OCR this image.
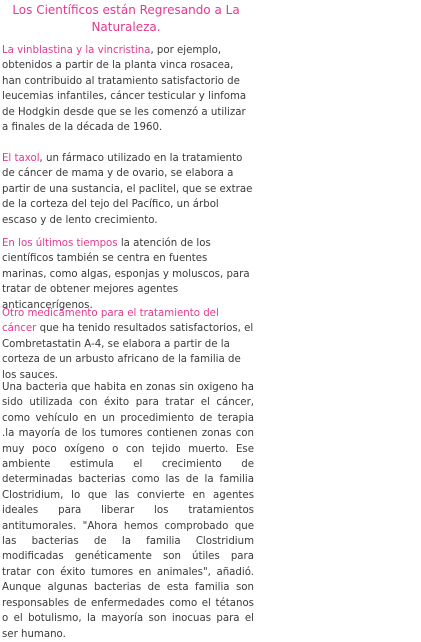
Los Científicos están Regresando a La Naturaleza.

La vinblastina y la vincristina, por ejemplo, obtenidos a partir de la planta vinca rosacea, han contribuido al tratamiento satisfactorio de leucemias infantiles, cáncer testicular y linfoma de Hodgkin desde que se les comenzó a utilizar a finales de la década de 1960.

El taxol, un fármaco utilizado en la tratamiento de cáncer de mama y de ovario, se elabora a partir de una sustancia, el paclitel, que se extrae de la corteza del tejo del Pacífico, un árbol escaso y de lento crecimiento.

En los últimos tiempos la atención de los científicos también se centra en fuentes marinas, como algas, esponjas y moluscos, para tratar de obtener mejores agentes anticancerígenos.

Otro medicamento para el tratamiento del cáncer que ha tenido resultados satisfactorios, el Combretastatin A-4, se elabora a partir de la corteza de un arbusto africano de la familia de los sauces.

Una bacteria que habita en zonas sin oxigeno ha sido utilizada con éxito para tratar el cáncer, como vehículo en un procedimiento de terapia .la mayoría de los tumores contienen zonas con muy poco oxígeno o con tejido muerto. Ese ambiente estimula el crecimiento de determinadas bacterias como las de la familia Clostridium, lo que las convierte en agentes ideales para liberar los tratamientos antitumorales. "Ahora hemos comprobado que las bacterias de la familia Clostridium modificadas genéticamente son útiles para tratar con éxito tumores en animales", añadió. Aunque algunas bacterias de esta familia son responsables de enfermedades como el tétanos o el botulismo, la mayoría son inocuas para el ser humano.
